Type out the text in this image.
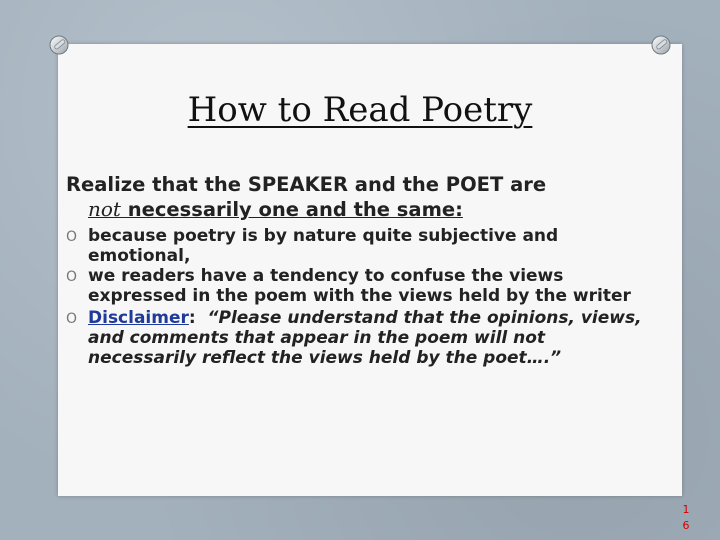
How to Read Poetry
Realize that the SPEAKER and the POET are
not necessarily one and the same:
O because poetry is by nature quite subjective and emotional,
O we readers have a tendency to confuse the views expressed in the poem with the views held by the writer
O Disclaimer: “Please understand that the opinions, views, and comments that appear in the poem will not necessarily reflect the views held by the poet….”
1
6
